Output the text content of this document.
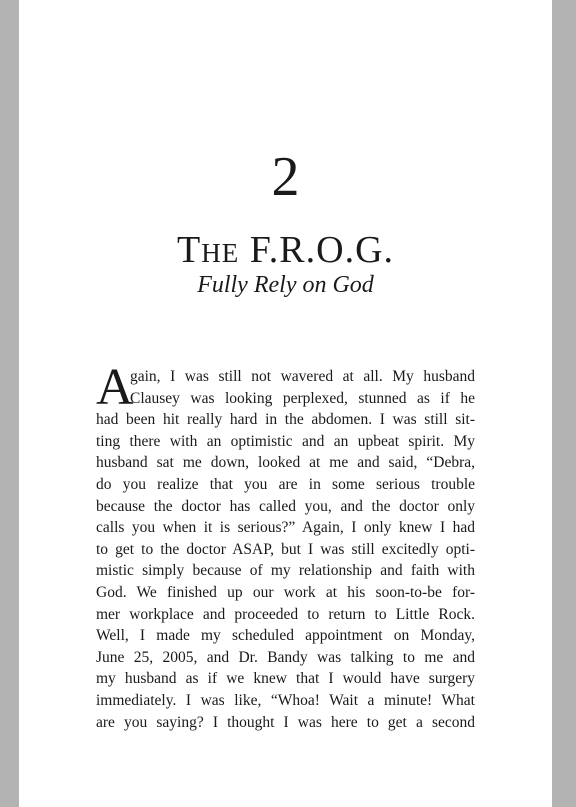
2
The F.R.O.G.
Fully Rely on God
A
gain, I was still not wavered at all. My husband
Clausey was looking perplexed, stunned as if he
had been hit really hard in the abdomen. I was still sit-
ting there with an optimistic and an upbeat spirit. My
husband sat me down, looked at me and said, “Debra,
do you realize that you are in some serious trouble
because the doctor has called you, and the doctor only
calls you when it is serious?” Again, I only knew I had
to get to the doctor ASAP, but I was still excitedly opti-
mistic simply because of my relationship and faith with
God. We finished up our work at his soon-to-be for-
mer workplace and proceeded to return to Little Rock.
Well, I made my scheduled appointment on Monday,
June 25, 2005, and Dr. Bandy was talking to me and
my husband as if we knew that I would have surgery
immediately. I was like, “Whoa! Wait a minute! What
are you saying? I thought I was here to get a second
